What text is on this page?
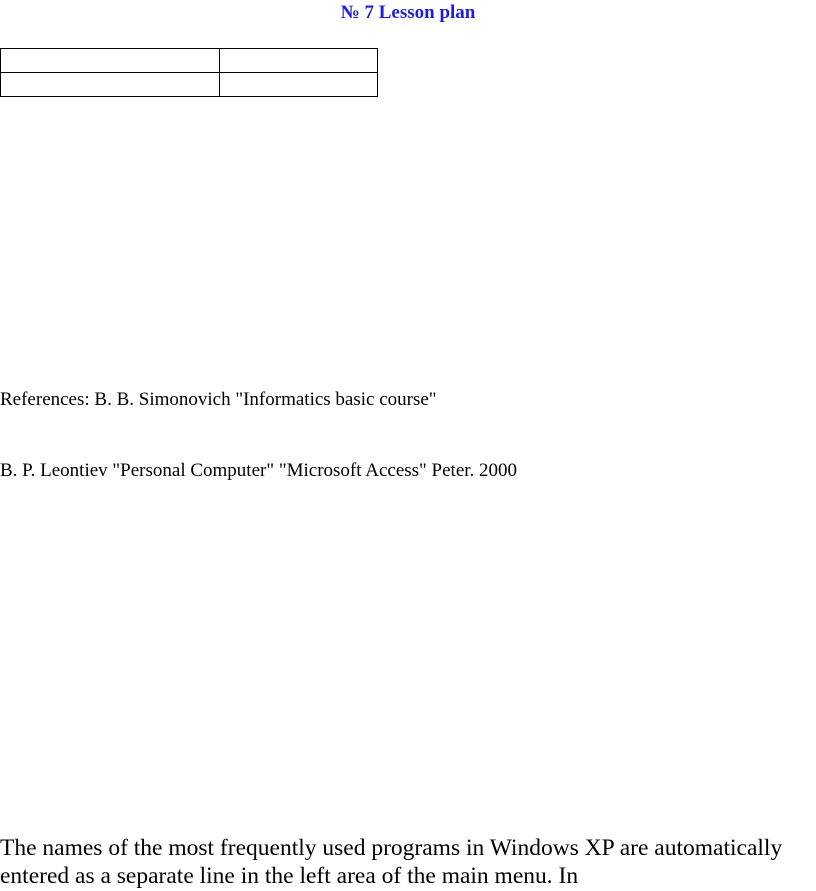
№ 7 Lesson plan

References: B. B. Simonovich "Informatics basic course"
B. P. Leontiev "Personal Computer" "Microsoft Access" Peter. 2000
The names of the most frequently used programs in Windows XP are automatically
entered as a separate line in the left area of the main menu. In
